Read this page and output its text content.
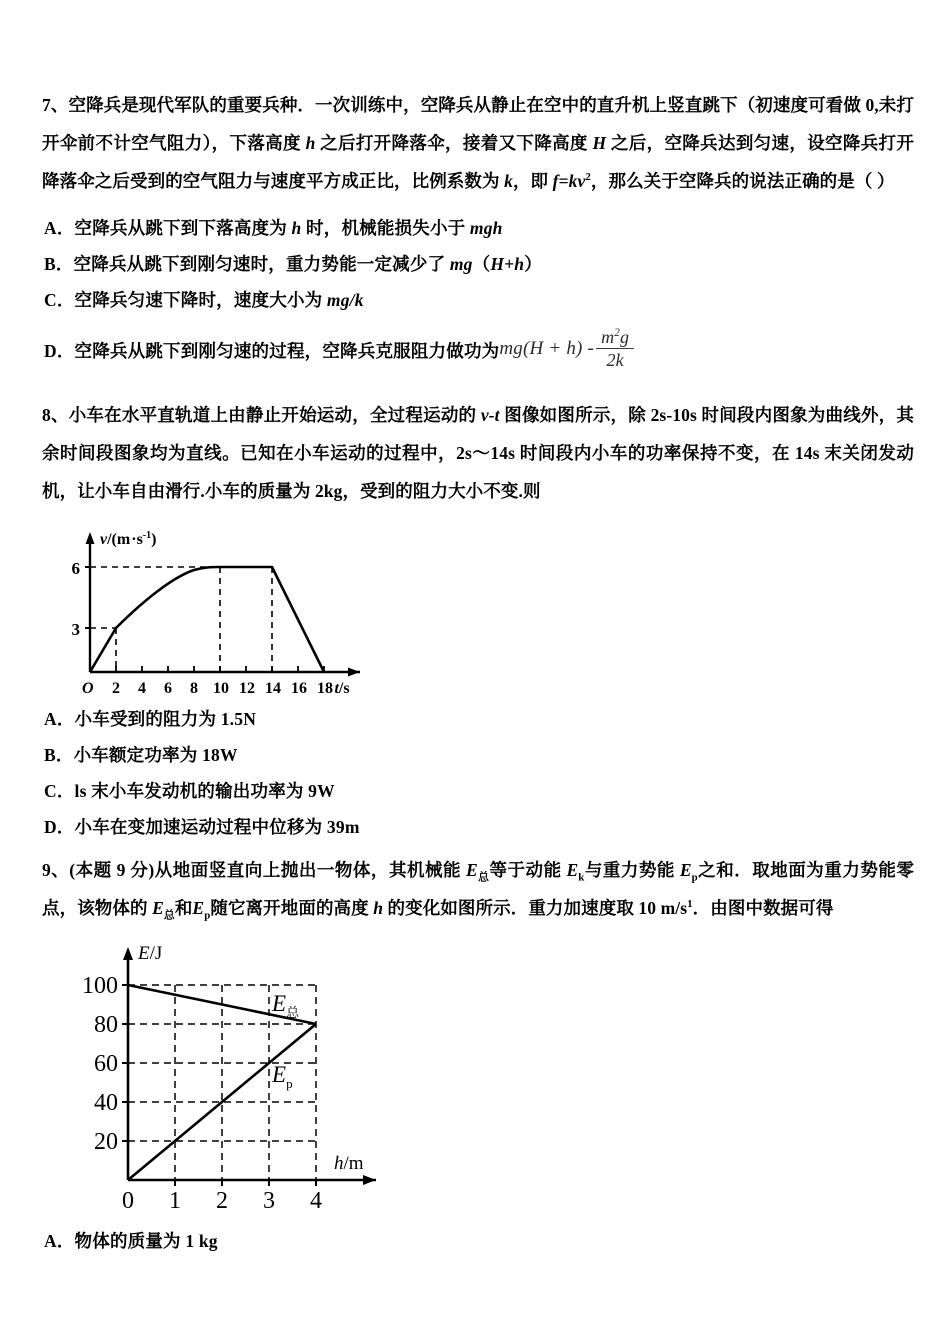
7、空降兵是现代军队的重要兵种．一次训练中，空降兵从静止在空中的直升机上竖直跳下（初速度可看做 0,未打开伞前不计空气阻力），下落高度 h 之后打开降落伞，接着又下降高度 H 之后，空降兵达到匀速，设空降兵打开降落伞之后受到的空气阻力与速度平方成正比，比例系数为 k，即 $f=kv^2$，那么关于空降兵的说法正确的是（ ）
A．空降兵从跳下到下落高度为 h 时，机械能损失小于 mgh
B．空降兵从跳下到刚匀速时，重力势能一定减少了 mg（H+h）
C．空降兵匀速下降时，速度大小为 mg/k
D．空降兵从跳下到刚匀速的过程，空降兵克服阻力做功为 $mg(H + h) - \frac{m^2g}{2k}$
8、小车在水平直轨道上由静止开始运动，全过程运动的 v-t 图像如图所示，除 2s-10s 时间段内图象为曲线外，其余时间段图象均为直线。已知在小车运动的过程中，2s～14s 时间段内小车的功率保持不变，在 14s 末关闭发动机，让小车自由滑行.小车的质量为 2kg，受到的阻力大小不变.则
3
6
O 2 4 6 8 10 12 14 16 18 t/s
$v/(m\cdot s^{-1})$
A．小车受到的阻力为 1.5N
B．小车额定功率为 18W
C．ls 末小车发动机的输出功率为 9W
D．小车在变加速运动过程中位移为 39m
9、(本题 9 分)从地面竖直向上抛出一物体，其机械能 $E_总$等于动能 $E_k$与重力势能 $E_p$之和．取地面为重力势能零点，该物体的 $E_总$和$E_p$随它离开地面的高度 h 的变化如图所示．重力加速度取 10 $m/s^1$．由图中数据可得
100
80
60
40
20
0 1 2 3 4
E/J
h/m
$E_总$
$E_p$
A．物体的质量为 1 kg
